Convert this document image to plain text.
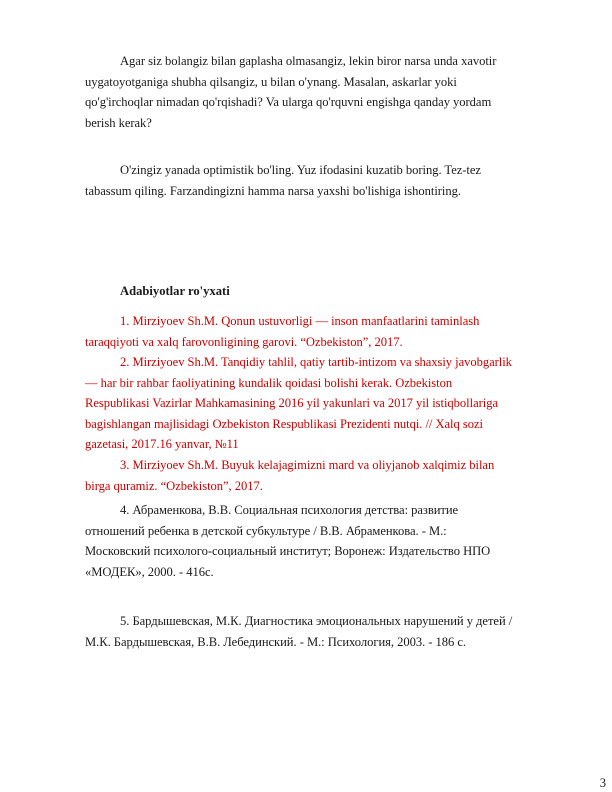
Agar siz bolangiz bilan gaplasha olmasangiz, lekin biror narsa unda xavotir
uygatoyotganiga shubha qilsangiz, u bilan o'ynang. Masalan, askarlar yoki
qo'g'irchoqlar nimadan qo'rqishadi? Va ularga qo'rquvni engishga qanday yordam
berish kerak?

O'zingiz yanada optimistik bo'ling. Yuz ifodasini kuzatib boring. Tez-tez
tabassum qiling. Farzandingizni hamma narsa yaxshi bo'lishiga ishontiring.

Adabiyotlar ro'yxati

1. Mirziyoev Sh.M. Qonun ustuvorligi — inson manfaatlarini taminlash
taraqqiyoti va xalq farovonligining garovi. “Ozbekiston”, 2017.

2. Mirziyoev Sh.M. Tanqidiy tahlil, qatiy tartib-intizom va shaxsiy javobgarlik
— har bir rahbar faoliyatining kundalik qoidasi bolishi kerak. Ozbekiston
Respublikasi Vazirlar Mahkamasining 2016 yil yakunlari va 2017 yil istiqbollariga
bagishlangan majlisidagi Ozbekiston Respublikasi Prezidenti nutqi. // Xalq sozi
gazetasi, 2017.16 yanvar, №11

3. Mirziyoev Sh.M. Buyuk kelajagimizni mard va oliyjanob xalqimiz bilan
birga quramiz. “Ozbekiston”, 2017.

4. Абраменкова, В.В. Социальная психология детства: развитие
отношений ребенка в детской субкультуре / В.В. Абраменкова. - М.:
Московский психолого-социальный институт; Воронеж: Издательство НПО
«МОДЕК», 2000. - 416с.

5. Бардышевская, М.К. Диагностика эмоциональных нарушений у детей /
М.К. Бардышевская, В.В. Лебединский. - М.: Психология, 2003. - 186 с.

3
